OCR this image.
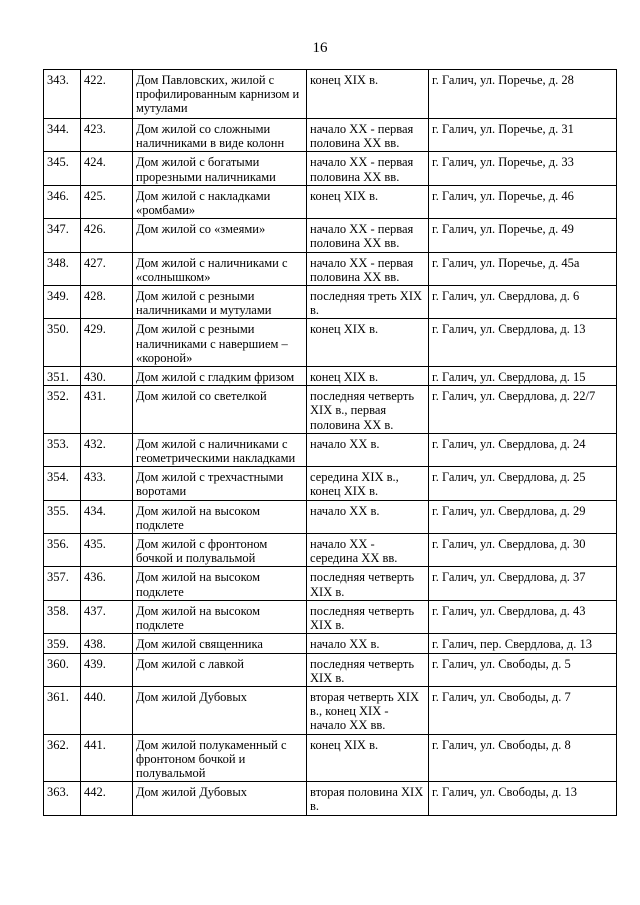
16
343.	422.	Дом Павловских, жилой с профилированным карнизом и мутулами	конец XIX в.	г. Галич, ул. Поречье, д. 28
344.	423.	Дом жилой со сложными наличниками в виде колонн	начало XX - первая половина XX вв.	г. Галич, ул. Поречье, д. 31
345.	424.	Дом жилой с богатыми прорезными наличниками	начало XX - первая половина XX вв.	г. Галич, ул. Поречье, д. 33
346.	425.	Дом жилой с накладками «ромбами»	конец XIX в.	г. Галич, ул. Поречье, д. 46
347.	426.	Дом жилой со «змеями»	начало XX - первая половина XX вв.	г. Галич, ул. Поречье, д. 49
348.	427.	Дом жилой с наличниками с «солнышком»	начало XX - первая половина XX вв.	г. Галич, ул. Поречье, д. 45а
349.	428.	Дом жилой с резными наличниками и мутулами	последняя треть XIX в.	г. Галич, ул. Свердлова, д. 6
350.	429.	Дом жилой с резными наличниками с навершием – «короной»	конец XIX в.	г. Галич, ул. Свердлова, д. 13
351.	430.	Дом жилой с гладким фризом	конец XIX в.	г. Галич, ул. Свердлова, д. 15
352.	431.	Дом жилой со светелкой	последняя четверть XIX в., первая половина XX в.	г. Галич, ул. Свердлова, д. 22/7
353.	432.	Дом жилой с наличниками с геометрическими накладками	начало XX в.	г. Галич, ул. Свердлова, д. 24
354.	433.	Дом жилой с трехчастными воротами	середина XIX в., конец XIX в.	г. Галич, ул. Свердлова, д. 25
355.	434.	Дом жилой на высоком подклете	начало XX в.	г. Галич, ул. Свердлова, д. 29
356.	435.	Дом жилой с фронтоном бочкой и полувальмой	начало XX - середина XX вв.	г. Галич, ул. Свердлова, д. 30
357.	436.	Дом жилой на высоком подклете	последняя четверть XIX в.	г. Галич, ул. Свердлова, д. 37
358.	437.	Дом жилой на высоком подклете	последняя четверть XIX в.	г. Галич, ул. Свердлова, д. 43
359.	438.	Дом жилой священника	начало XX в.	г. Галич, пер. Свердлова, д. 13
360.	439.	Дом жилой с лавкой	последняя четверть XIX в.	г. Галич, ул. Свободы, д. 5
361.	440.	Дом жилой Дубовых	вторая четверть XIX в., конец XIX - начало XX вв.	г. Галич, ул. Свободы, д. 7
362.	441.	Дом жилой полукаменный с фронтоном бочкой и полувальмой	конец XIX в.	г. Галич, ул. Свободы, д. 8
363.	442.	Дом жилой Дубовых	вторая половина XIX в.	г. Галич, ул. Свободы, д. 13
